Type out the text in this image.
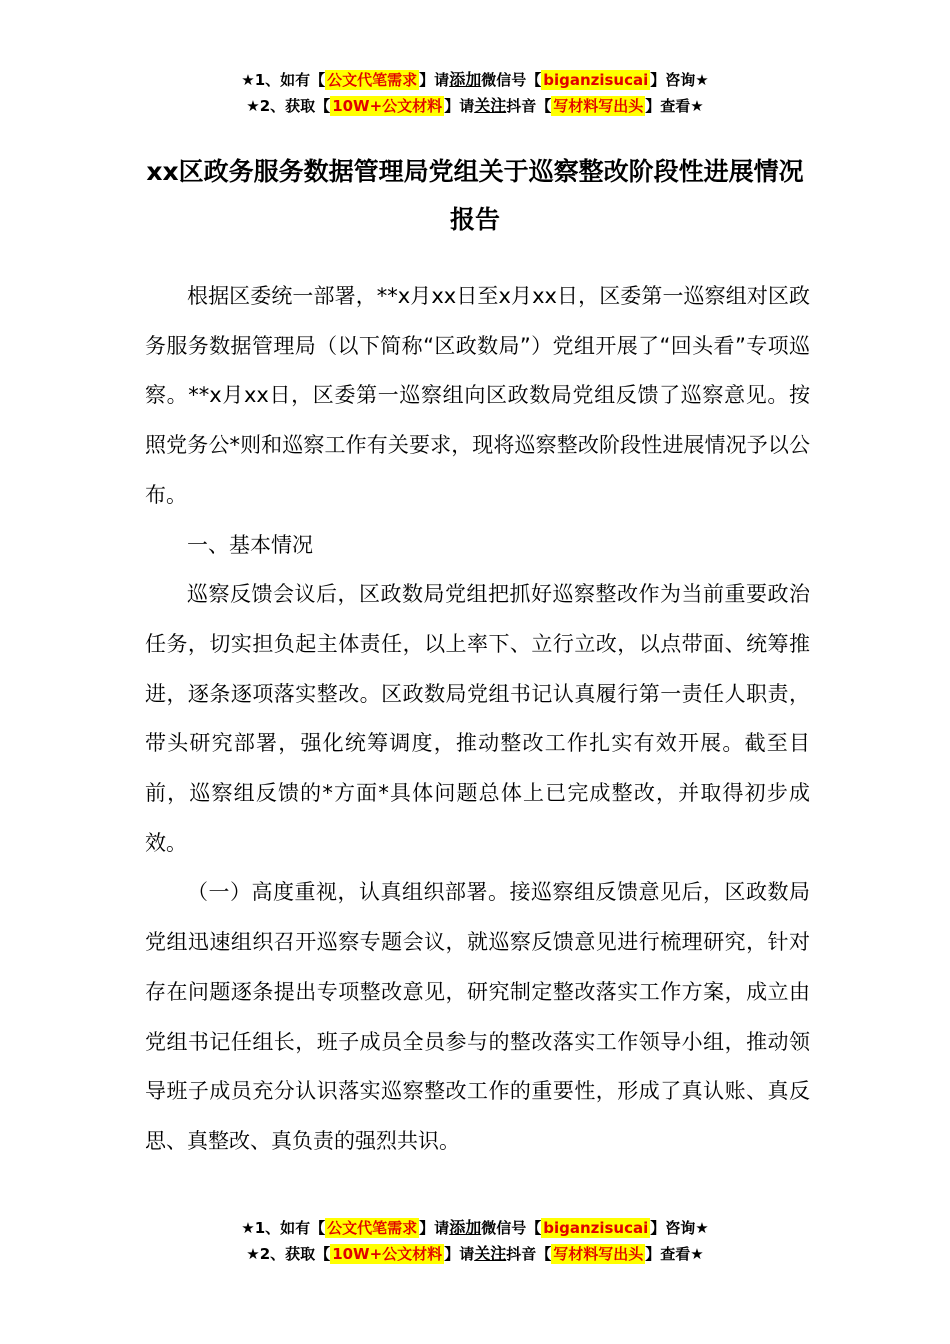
★1、如有【 公文代笔需求 】请添加微信号【 biganzisucai 】咨询★
★2、获取【 10W+公文材料 】请关注抖音【 写材料写出头 】查看★
xx区政务服务数据管理局党组关于巡察整改阶段性进展情况报告

根据区委统一部署，**x月xx日至x月xx日，区委第一巡察组对区政务服务数据管理局（以下简称“区政数局”）党组开展了“回头看”专项巡察。**x月xx日，区委第一巡察组向区政数局党组反馈了巡察意见。按照党务公*则和巡察工作有关要求，现将巡察整改阶段性进展情况予以公布。

一、基本情况

巡察反馈会议后，区政数局党组把抓好巡察整改作为当前重要政治任务，切实担负起主体责任，以上率下、立行立改，以点带面、统筹推进，逐条逐项落实整改。区政数局党组书记认真履行第一责任人职责，带头研究部署，强化统筹调度，推动整改工作扎实有效开展。截至目前，巡察组反馈的*方面*具体问题总体上已完成整改，并取得初步成效。

（一）高度重视，认真组织部署。接巡察组反馈意见后，区政数局党组迅速组织召开巡察专题会议，就巡察反馈意见进行梳理研究，针对存在问题逐条提出专项整改意见，研究制定整改落实工作方案，成立由党组书记任组长，班子成员全员参与的整改落实工作领导小组，推动领导班子成员充分认识落实巡察整改工作的重要性，形成了真认账、真反思、真整改、真负责的强烈共识。

★1、如有【 公文代笔需求 】请添加微信号【 biganzisucai 】咨询★
★2、获取【 10W+公文材料 】请关注抖音【 写材料写出头 】查看★
